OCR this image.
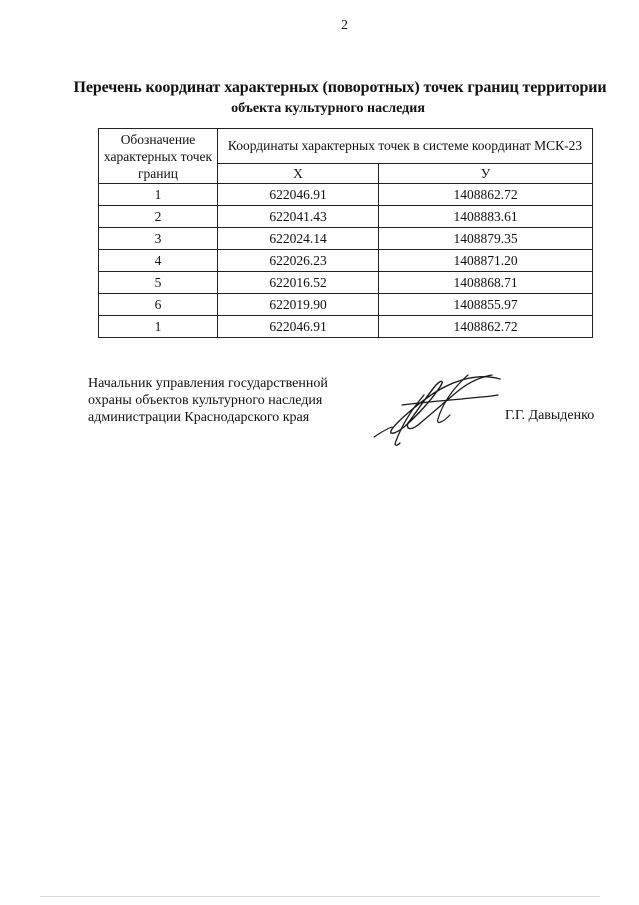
2
Перечень координат характерных (поворотных) точек границ территории
объекта культурного наследия
Обозначение характерных точек границ	Координаты характерных точек в системе координат МСК-23	
	X	У
1	622046.91	1408862.72
2	622041.43	1408883.61
3	622024.14	1408879.35
4	622026.23	1408871.20
5	622016.52	1408868.71
6	622019.90	1408855.97
1	622046.91	1408862.72
Начальник управления государственной
охраны объектов культурного наследия
администрации Краснодарского края	Г.Г. Давыденко
